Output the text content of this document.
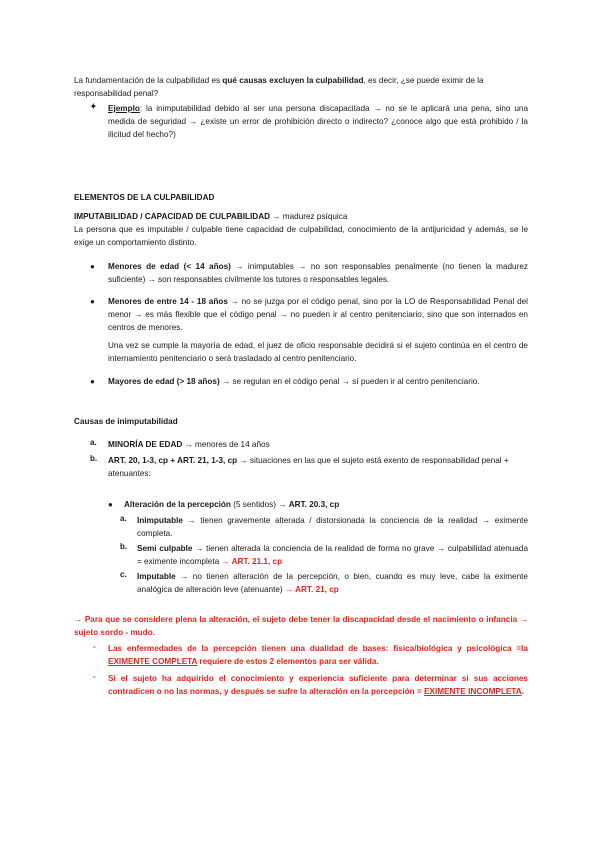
La fundamentación de la culpabilidad es qué causas excluyen la culpabilidad, es decir, ¿se puede eximir de la responsabilidad penal?

✦ Ejemplo: la inimputabilidad debido al ser una persona discapacitada → no se le aplicará una pena, sino una medida de seguridad → ¿existe un error de prohibición directo o indirecto? ¿conoce algo que está prohibido / la ilicitud del hecho?)

ELEMENTOS DE LA CULPABILIDAD

IMPUTABILIDAD / CAPACIDAD DE CULPABILIDAD → madurez psíquica

La persona que es imputable / culpable tiene capacidad de culpabilidad, conocimiento de la antijuricidad y además, se le exige un comportamiento distinto.

● Menores de edad (< 14 años) → inimputables → no son responsables penalmente (no tienen la madurez suficiente) → son responsables civilmente los tutores o responsables legales.

● Menores de entre 14 - 18 años → no se juzga por el código penal, sino por la LO de Responsabilidad Penal del menor → es más flexible que el código penal → no pueden ir al centro penitenciario, sino que son internados en centros de menores.

Una vez se cumple la mayoría de edad, el juez de oficio responsable decidirá si el sujeto continúa en el centro de internamiento penitenciario o será trasladado al centro penitenciario.

● Mayores de edad (> 18 años) → se regulan en el código penal → sí pueden ir al centro penitenciario.

Causas de inimputabilidad

a. MINORÍA DE EDAD → menores de 14 años

b. ART. 20, 1-3, cp + ART. 21, 1-3, cp → situaciones en las que el sujeto está exento de responsabilidad penal + atenuantes:

● Alteración de la percepción (5 sentidos) → ART. 20.3, cp

a. Inimputable → tienen gravemente alterada / distorsionada la conciencia de la realidad → eximente completa.

b. Semi culpable → tienen alterada la conciencia de la realidad de forma no grave → culpabilidad atenuada = eximente incompleta → ART. 21.1, cp

c. Imputable → no tienen alteración de la percepción, o bien, cuando es muy leve, cabe la eximente analógica de alteración leve (atenuante) → ART. 21, cp

→ Para que se considere plena la alteración, el sujeto debe tener la discapacidad desde el nacimiento o infancia → sujeto sordo - mudo.

- Las enfermedades de la percepción tienen una dualidad de bases: física/biológica y psicológica =la EXIMENTE COMPLETA requiere de estos 2 elementos para ser válida.

- Si el sujeto ha adquirido el conocimiento y experiencia suficiente para determinar si sus acciones contradicen o no las normas, y después se sufre la alteración en la percepción = EXIMENTE INCOMPLETA.
